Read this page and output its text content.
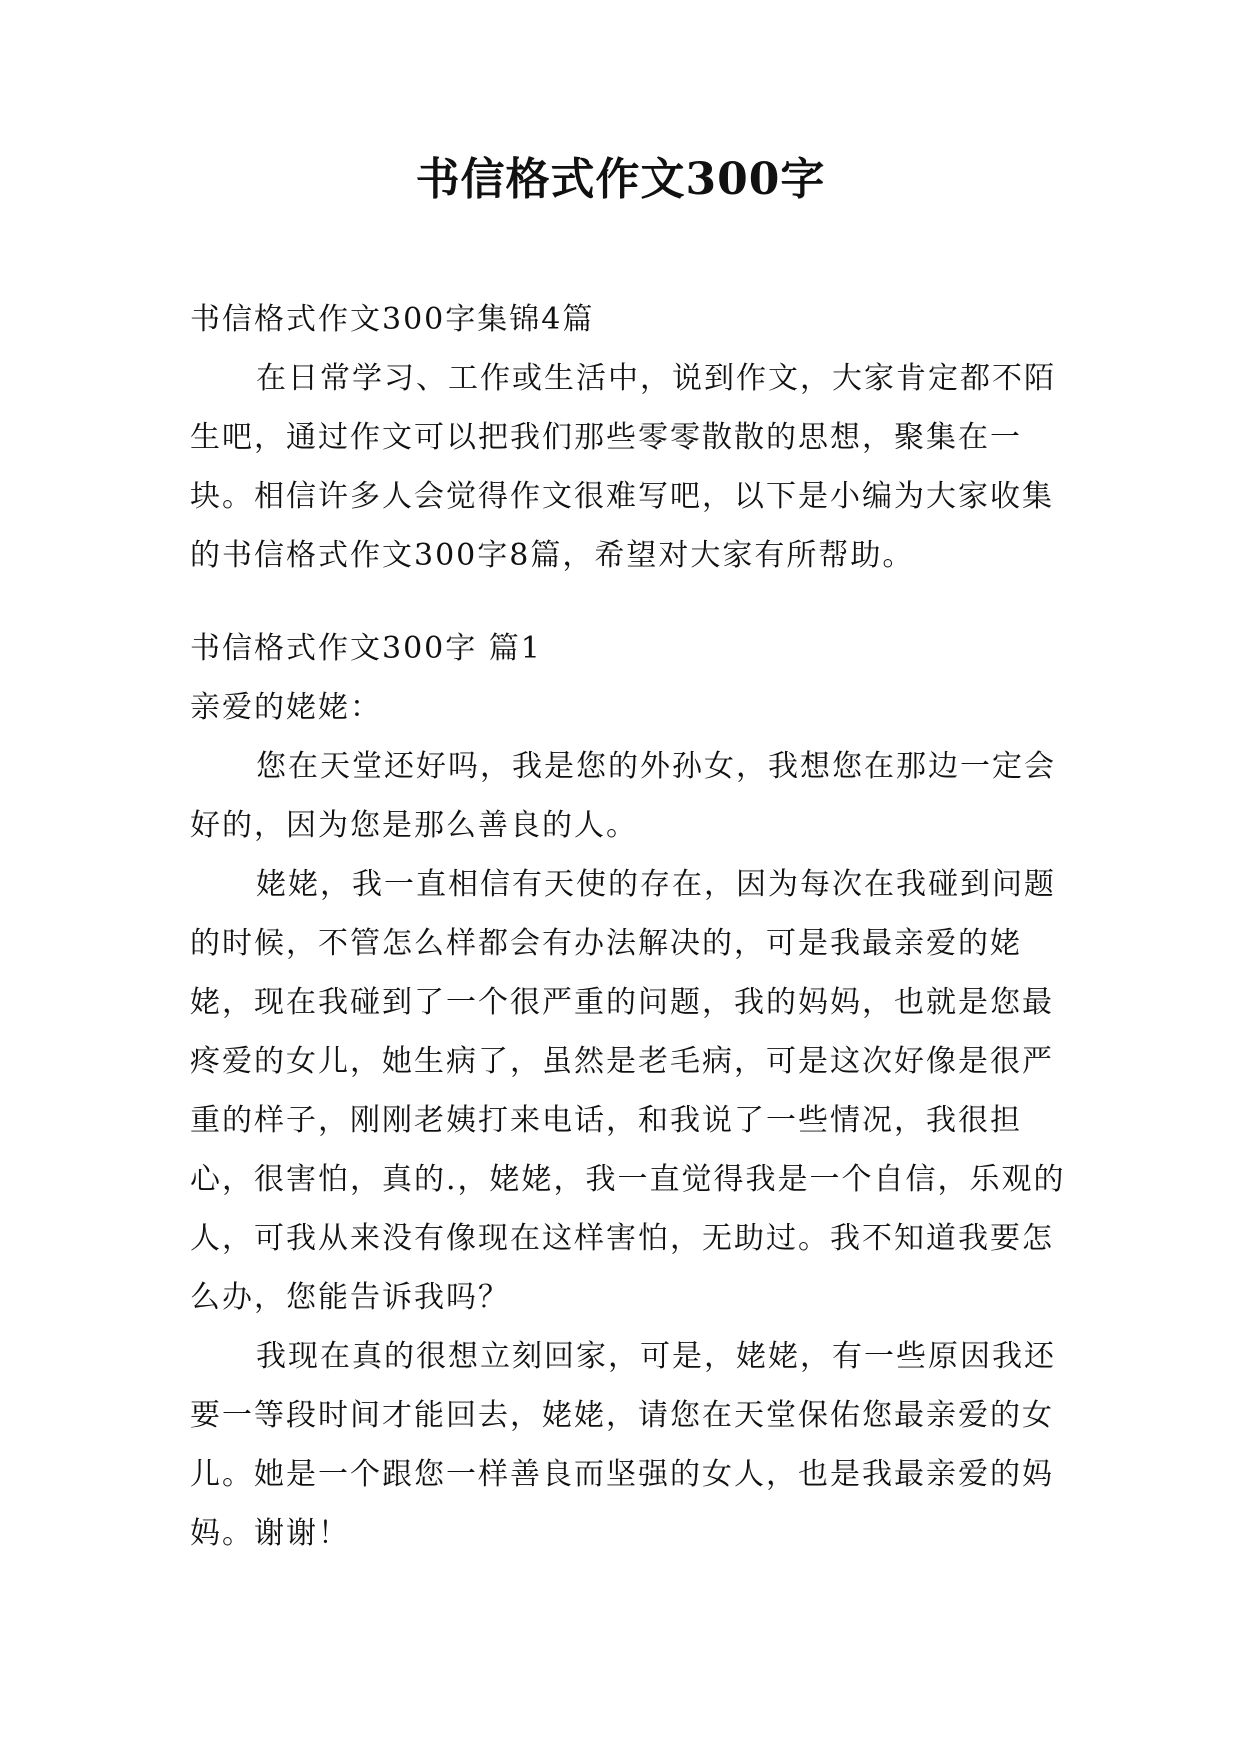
书信格式作文300字

书信格式作文300字集锦4篇

在日常学习、工作或生活中，说到作文，大家肯定都不陌生吧，通过作文可以把我们那些零零散散的思想，聚集在一块。相信许多人会觉得作文很难写吧，以下是小编为大家收集的书信格式作文300字8篇，希望对大家有所帮助。

书信格式作文300字 篇1

亲爱的姥姥：

您在天堂还好吗，我是您的外孙女，我想您在那边一定会好的，因为您是那么善良的人。

姥姥，我一直相信有天使的存在，因为每次在我碰到问题的时候，不管怎么样都会有办法解决的，可是我最亲爱的姥姥，现在我碰到了一个很严重的问题，我的妈妈，也就是您最疼爱的女儿，她生病了，虽然是老毛病，可是这次好像是很严重的样子，刚刚老姨打来电话，和我说了一些情况，我很担心，很害怕，真的.，姥姥，我一直觉得我是一个自信，乐观的人，可我从来没有像现在这样害怕，无助过。我不知道我要怎么办，您能告诉我吗？

我现在真的很想立刻回家，可是，姥姥，有一些原因我还要一等段时间才能回去，姥姥，请您在天堂保佑您最亲爱的女儿。她是一个跟您一样善良而坚强的女人，也是我最亲爱的妈妈。谢谢！
